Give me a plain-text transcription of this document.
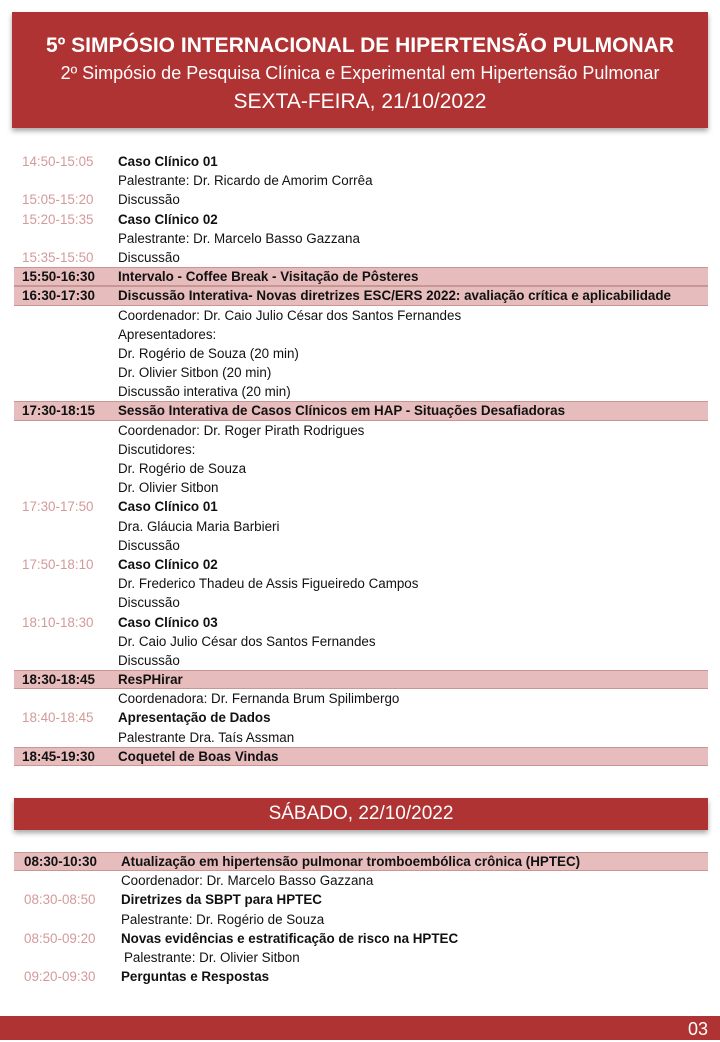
5º SIMPÓSIO INTERNACIONAL DE HIPERTENSÃO PULMONAR
2º Simpósio de Pesquisa Clínica e Experimental em Hipertensão Pulmonar
SEXTA-FEIRA, 21/10/2022
14:50-15:05 Caso Clínico 01
Palestrante: Dr. Ricardo de Amorim Corrêa
15:05-15:20 Discussão
15:20-15:35 Caso Clínico 02
Palestrante: Dr. Marcelo Basso Gazzana
15:35-15:50 Discussão
15:50-16:30 Intervalo - Coffee Break - Visitação de Pôsteres
16:30-17:30 Discussão Interativa- Novas diretrizes ESC/ERS 2022: avaliação crítica e aplicabilidade
Coordenador: Dr. Caio Julio César dos Santos Fernandes
Apresentadores:
Dr. Rogério de Souza (20 min)
Dr. Olivier Sitbon (20 min)
Discussão interativa (20 min)
17:30-18:15 Sessão Interativa de Casos Clínicos em HAP - Situações Desafiadoras
Coordenador: Dr. Roger Pirath Rodrigues
Discutidores:
Dr. Rogério de Souza
Dr. Olivier Sitbon
17:30-17:50 Caso Clínico 01
Dra. Gláucia Maria Barbieri
Discussão
17:50-18:10 Caso Clínico 02
Dr. Frederico Thadeu de Assis Figueiredo Campos
Discussão
18:10-18:30 Caso Clínico 03
Dr. Caio Julio César dos Santos Fernandes
Discussão
18:30-18:45 ResPHirar
Coordenadora: Dr. Fernanda Brum Spilimbergo
18:40-18:45 Apresentação de Dados
Palestrante Dra. Taís Assman
18:45-19:30 Coquetel de Boas Vindas
SÁBADO, 22/10/2022
08:30-10:30 Atualização em hipertensão pulmonar tromboembólica crônica (HPTEC)
Coordenador: Dr. Marcelo Basso Gazzana
08:30-08:50 Diretrizes da SBPT para HPTEC
Palestrante: Dr. Rogério de Souza
08:50-09:20 Novas evidências e estratificação de risco na HPTEC
Palestrante: Dr. Olivier Sitbon
09:20-09:30 Perguntas e Respostas
03
